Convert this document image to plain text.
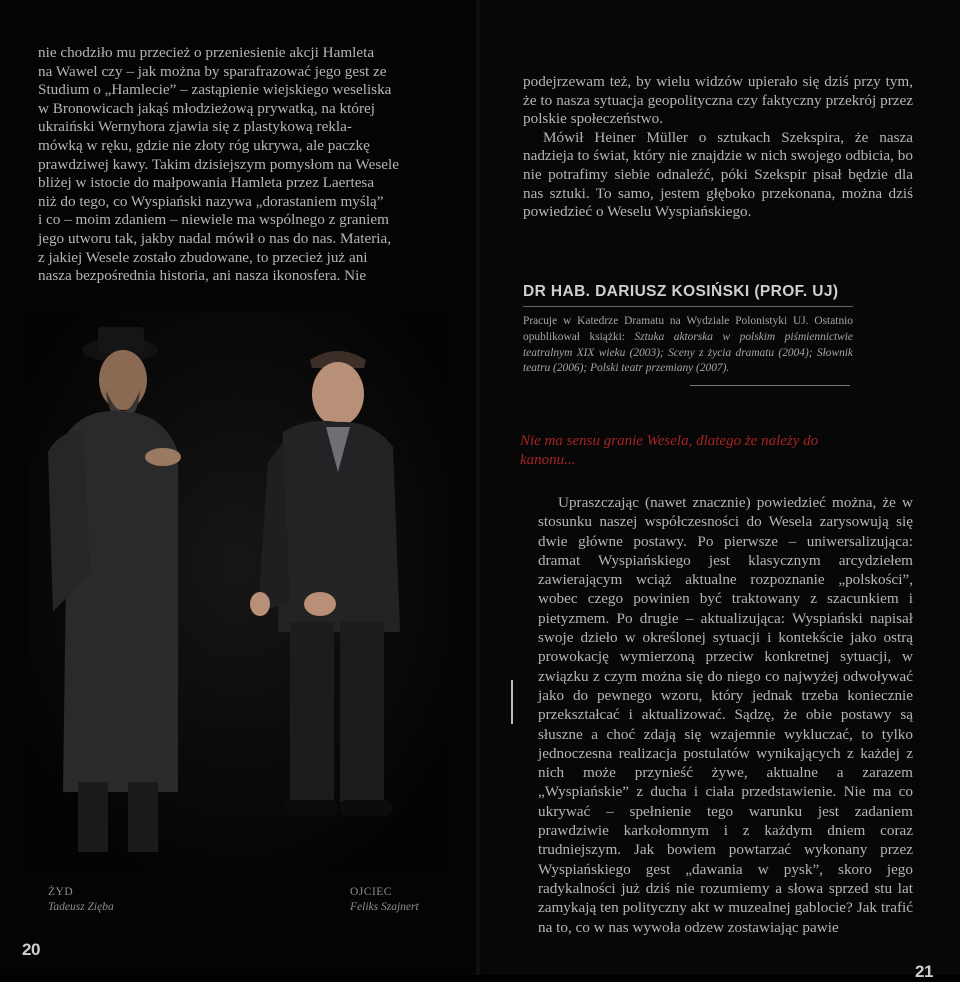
nie chodziło mu przecież o przeniesienie akcji Hamleta

na Wawel czy – jak można by sparafrazować jego gest ze

Studium o „Hamlecie” – zastąpienie wiejskiego weseliska

w Bronowicach jakąś młodzieżową prywatką, na której

ukraiński Wernyhora zjawia się z plastykową rekla-

mówką w ręku, gdzie nie złoty róg ukrywa, ale paczkę

prawdziwej kawy. Takim dzisiejszym pomysłom na Wesele

bliżej w istocie do małpowania Hamleta przez Laertesa

niż do tego, co Wyspiański nazywa „dorastaniem myślą”

i co – moim zdaniem – niewiele ma wspólnego z graniem

jego utworu tak, jakby nadal mówił o nas do nas. Materia,

z jakiej Wesele zostało zbudowane, to przecież już ani

nasza bezpośrednia historia, ani nasza ikonosfera. Nie

ŻYD
Tadeusz Zięba
OJCIEC
Feliks Szajnert
20

podejrzewam też, by wielu widzów upierało się dziś przy tym, że to nasza sytuacja geopolityczna czy faktyczny przekrój przez polskie społeczeństwo.

Mówił Heiner Müller o sztukach Szekspira, że nasza nadzieja to świat, który nie znajdzie w nich swojego odbicia, bo nie potrafimy siebie odnaleźć, póki Szekspir pisał będzie dla nas sztuki. To samo, jestem głęboko przekonana, można dziś powiedzieć o Weselu Wyspiańskiego.

DR HAB. DARIUSZ KOSIŃSKI (PROF. UJ)
Pracuje w Katedrze Dramatu na Wydziale Polonistyki UJ. Ostatnio opublikował książki: Sztuka aktorska w polskim piśmiennictwie teatralnym XIX wieku (2003); Sceny z życia dramatu (2004); Słownik teatru (2006); Polski teatr przemiany (2007).
Nie ma sensu granie Wesela, dlatego że należy do kanonu...

Upraszczając (nawet znacznie) powiedzieć można, że w stosunku naszej współczesności do Wesela zarysowują się dwie główne postawy. Po pierwsze – uniwersalizująca: dramat Wyspiańskiego jest klasycznym arcydziełem zawierającym wciąż aktualne rozpoznanie „polskości”, wobec czego powinien być traktowany z szacunkiem i pietyzmem. Po drugie – aktualizująca: Wyspiański napisał swoje dzieło w określonej sytuacji i kontekście jako ostrą prowokację wymierzoną przeciw konkretnej sytuacji, w związku z czym można się do niego co najwyżej odwoływać jako do pewnego wzoru, który jednak trzeba koniecznie przekształcać i aktualizować. Sądzę, że obie postawy są słuszne a choć zdają się wzajemnie wykluczać, to tylko jednoczesna realizacja postulatów wynikających z każdej z nich może przynieść żywe, aktualne a zarazem „Wyspiańskie” z ducha i ciała przedstawienie. Nie ma co ukrywać – spełnienie tego warunku jest zadaniem prawdziwie karkołomnym i z każdym dniem coraz trudniejszym. Jak bowiem powtarzać wykonany przez Wyspiańskiego gest „dawania w pysk”, skoro jego radykalności już dziś nie rozumiemy a słowa sprzed stu lat zamykają ten polityczny akt w muzealnej gablocie? Jak trafić na to, co w nas wywoła odzew zostawiając pawie

21
